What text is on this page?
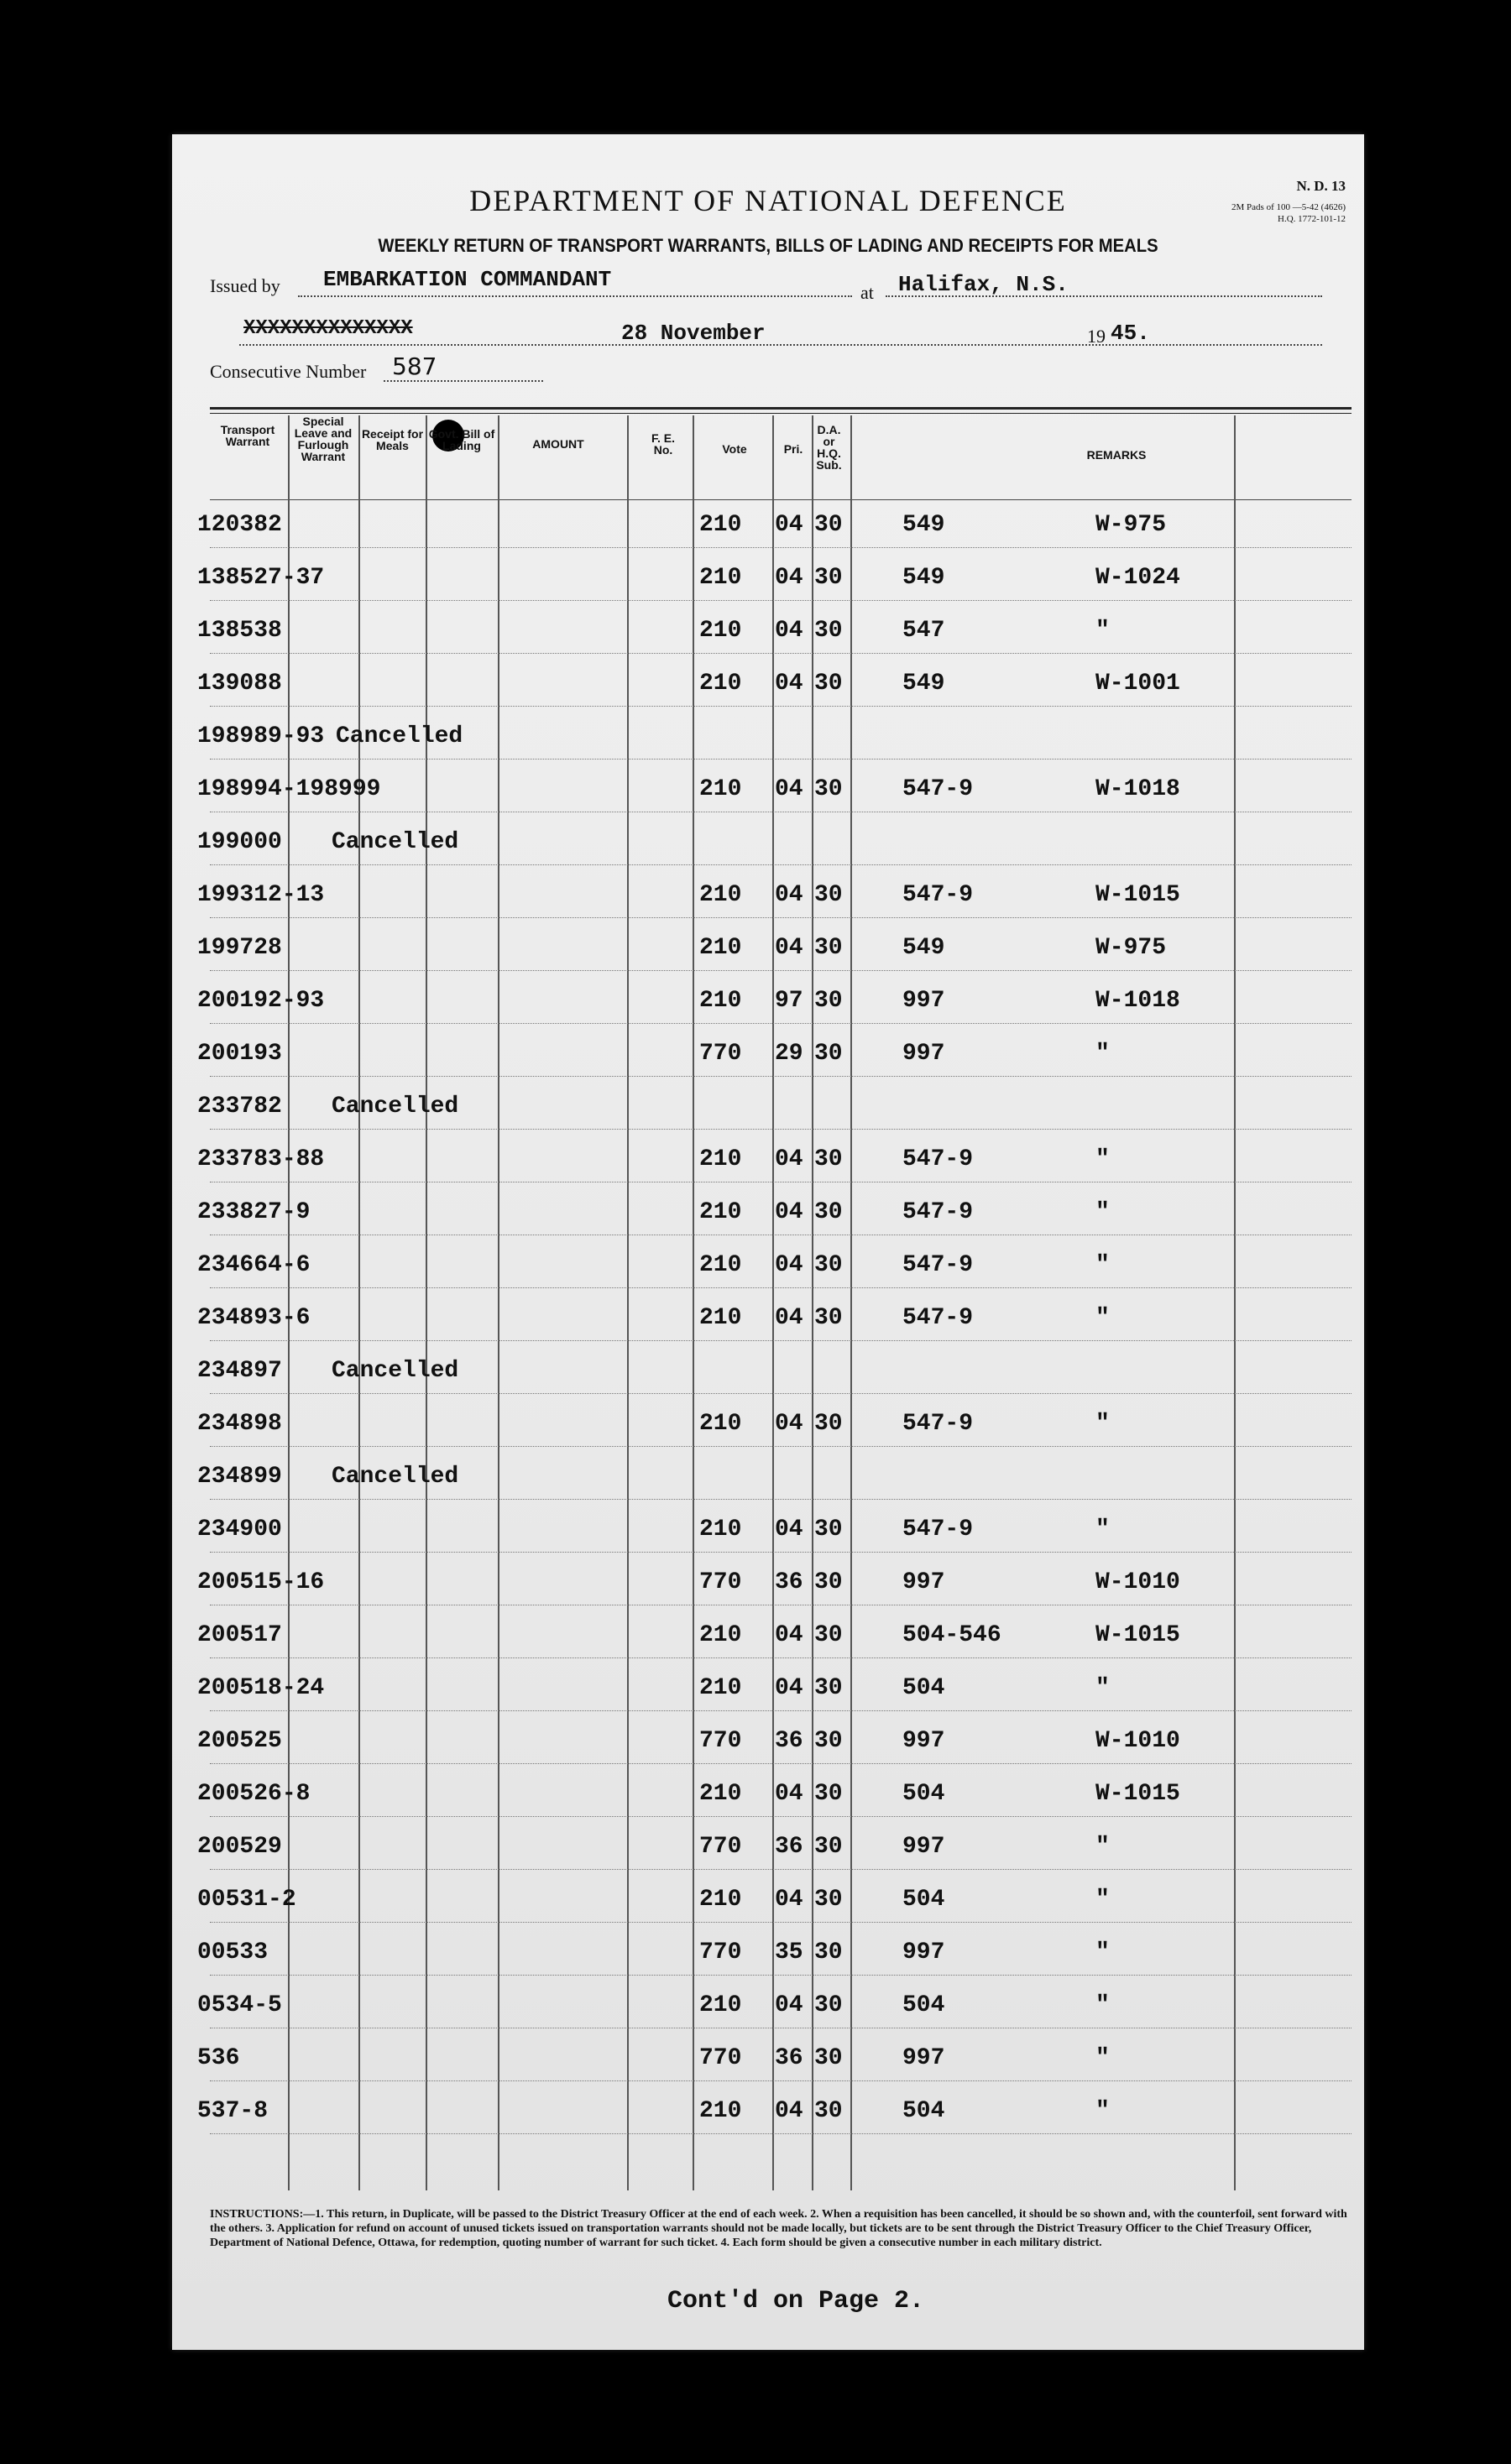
N. D. 13
2M Pads of 100 —5-42 (4626)
H.Q. 1772-101-12
DEPARTMENT OF NATIONAL DEFENCE
WEEKLY RETURN OF TRANSPORT WARRANTS, BILLS OF LADING AND RECEIPTS FOR MEALS
Issued by EMBARKATION COMMANDANT
at Halifax, N.S.
XXXXXXXXXXXXXX	28 November	19 45.
Consecutive Number 587
Transport Warrant
Special Leave and Furlough Warrant
Receipt for Meals
Govt. Bill of Lading	AMOUNT	F. E. No.	Vote	Pri.
D.A. or H.Q. Sub.
REMARKS
120382	210 04 30	549	W-975
138527-37	210 04 30	549	W-1024
138538	210 04 30	547	"
139088	210 04 30	549	W-1001
198989-93 Cancelled
198994-198999	210 04 30	547-9	W-1018
199000 Cancelled
199312-13	210 04 30	547-9	W-1015
199728	210 04 30	549	W-975
200192-93	210 97 30	997	W-1018
200193	770 29 30	997	"
233782 Cancelled
233783-88	210 04 30	547-9	"
233827-9	210 04 30	547-9	"
234664-6	210 04 30	547-9	"
234893-6	210 04 30	547-9	"
234897 Cancelled
234898	210 04 30	547-9	"
234899 Cancelled
234900	210 04 30	547-9	"
200515-16	770 36 30	997	W-1010
200517	210 04 30	504-546	W-1015
200518-24	210 04 30	504	"
200525	770 36 30	997	W-1010
200526-8	210 04 30	504	W-1015
200529	770 36 30	997	"
00531-2	210 04 30	504	"
00533	770 35 30	997	"
0534-5	210 04 30	504	"
536	770 36 30	997	"
537-8	210 04 30	504	"
INSTRUCTIONS:—1. This return, in Duplicate, will be passed to the District Treasury Officer at the end of each week. 2. When a requisition has been cancelled, it should be so shown and, with the counterfoil, sent forward with the others. 3. Application for refund on account of unused tickets issued on transportation warrants should not be made locally, but tickets are to be sent through the District Treasury Officer to the Chief Treasury Officer, Department of National Defence, Ottawa, for redemption, quoting number of warrant for such ticket. 4. Each form should be given a consecutive number in each military district.
Cont'd on Page 2.
